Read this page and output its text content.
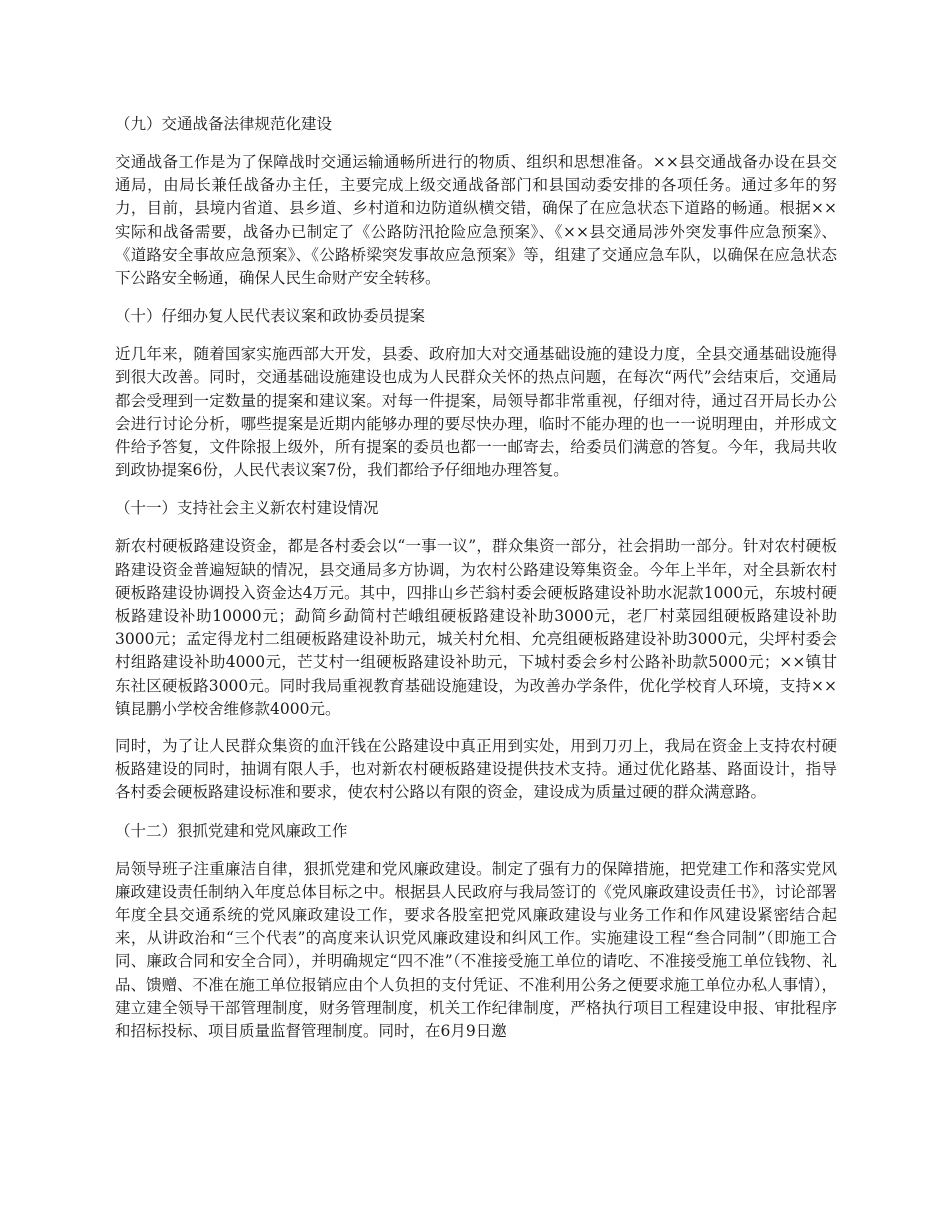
（九）交通战备法律规范化建设

交通战备工作是为了保障战时交通运输通畅所进行的物质、组织和思想准备。××县交通战备办设在县交通局，由局长兼任战备办主任，主要完成上级交通战备部门和县国动委安排的各项任务。通过多年的努力，目前，县境内省道、县乡道、乡村道和边防道纵横交错，确保了在应急状态下道路的畅通。根据××实际和战备需要，战备办已制定了《公路防汛抢险应急预案》、《××县交通局涉外突发事件应急预案》、《道路安全事故应急预案》、《公路桥梁突发事故应急预案》等，组建了交通应急车队，以确保在应急状态下公路安全畅通，确保人民生命财产安全转移。

（十）仔细办复人民代表议案和政协委员提案

近几年来，随着国家实施西部大开发，县委、政府加大对交通基础设施的建设力度，全县交通基础设施得到很大改善。同时，交通基础设施建设也成为人民群众关怀的热点问题，在每次“两代”会结束后，交通局都会受理到一定数量的提案和建议案。对每一件提案，局领导都非常重视，仔细对待，通过召开局长办公会进行讨论分析，哪些提案是近期内能够办理的要尽快办理，临时不能办理的也一一说明理由，并形成文件给予答复，文件除报上级外，所有提案的委员也都一一邮寄去，给委员们满意的答复。今年，我局共收到政协提案6份，人民代表议案7份，我们都给予仔细地办理答复。

（十一）支持社会主义新农村建设情况

新农村硬板路建设资金，都是各村委会以“一事一议”，群众集资一部分，社会捐助一部分。针对农村硬板路建设资金普遍短缺的情况，县交通局多方协调，为农村公路建设筹集资金。今年上半年，对全县新农村硬板路建设协调投入资金达4万元。其中，四排山乡芒翁村委会硬板路建设补助水泥款1000元，东坡村硬板路建设补助10000元；勐简乡勐简村芒峨组硬板路建设补助3000元，老厂村菜园组硬板路建设补助3000元；孟定得龙村二组硬板路建设补助元，城关村允相、允亮组硬板路建设补助3000元，尖坪村委会村组路建设补助4000元，芒艾村一组硬板路建设补助元，下城村委会乡村公路补助款5000元；××镇甘东社区硬板路3000元。同时我局重视教育基础设施建设，为改善办学条件，优化学校育人环境，支持××镇昆鹏小学校舍维修款4000元。

同时，为了让人民群众集资的血汗钱在公路建设中真正用到实处，用到刀刃上，我局在资金上支持农村硬板路建设的同时，抽调有限人手，也对新农村硬板路建设提供技术支持。通过优化路基、路面设计，指导各村委会硬板路建设标准和要求，使农村公路以有限的资金，建设成为质量过硬的群众满意路。

（十二）狠抓党建和党风廉政工作

局领导班子注重廉洁自律，狠抓党建和党风廉政建设。制定了强有力的保障措施，把党建工作和落实党风廉政建设责任制纳入年度总体目标之中。根据县人民政府与我局签订的《党风廉政建设责任书》，讨论部署年度全县交通系统的党风廉政建设工作，要求各股室把党风廉政建设与业务工作和作风建设紧密结合起来，从讲政治和“三个代表”的高度来认识党风廉政建设和纠风工作。实施建设工程“叁合同制”（即施工合同、廉政合同和安全合同），并明确规定“四不准”（不准接受施工单位的请吃、不准接受施工单位钱物、礼品、馈赠、不准在施工单位报销应由个人负担的支付凭证、不准利用公务之便要求施工单位办私人事情），建立建全领导干部管理制度，财务管理制度，机关工作纪律制度，严格执行项目工程建设申报、审批程序和招标投标、项目质量监督管理制度。同时，在6月9日邀
